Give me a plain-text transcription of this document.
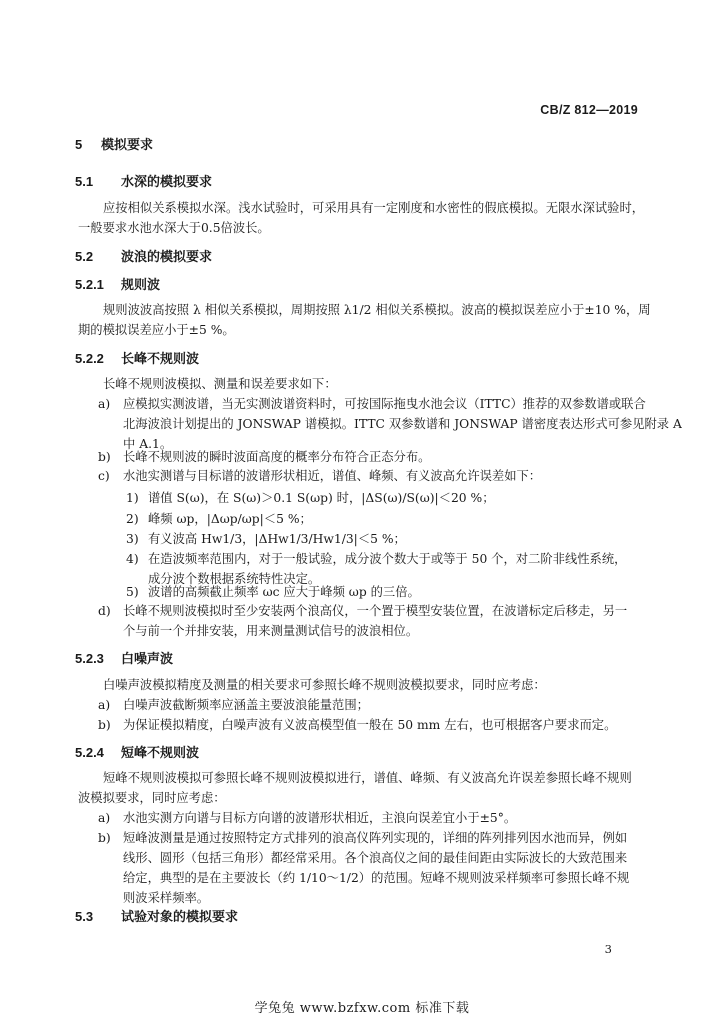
CB/Z 812—2019
5 模拟要求
5.1 水深的模拟要求
应按相似关系模拟水深。浅水试验时，可采用具有一定刚度和水密性的假底模拟。无限水深试验时，
一般要求水池水深大于0.5倍波长。
5.2 波浪的模拟要求
5.2.1 规则波
规则波波高按照 λ 相似关系模拟，周期按照 λ1/2 相似关系模拟。波高的模拟误差应小于±10 %，周
期的模拟误差应小于±5 %。
5.2.2 长峰不规则波
长峰不规则波模拟、测量和误差要求如下：
a) 应模拟实测波谱，当无实测波谱资料时，可按国际拖曳水池会议（ITTC）推荐的双参数谱或联合
北海波浪计划提出的 JONSWAP 谱模拟。ITTC 双参数谱和 JONSWAP 谱密度表达形式可参见附录 A
中 A.1。
b) 长峰不规则波的瞬时波面高度的概率分布符合正态分布。
c) 水池实测谱与目标谱的波谱形状相近，谱值、峰频、有义波高允许误差如下：
1) 谱值 S(ω)，在 S(ω)＞0.1 S(ωp) 时，|ΔS(ω)/S(ω)|＜20 %；
2) 峰频 ωp，|Δωp/ωp|＜5 %；
3) 有义波高 Hw1/3，|ΔHw1/3/Hw1/3|＜5 %；
4) 在造波频率范围内，对于一般试验，成分波个数大于或等于 50 个，对二阶非线性系统，
成分波个数根据系统特性决定。
5) 波谱的高频截止频率 ωc 应大于峰频 ωp 的三倍。
d) 长峰不规则波模拟时至少安装两个浪高仪，一个置于模型安装位置，在波谱标定后移走，另一
个与前一个并排安装，用来测量测试信号的波浪相位。
5.2.3 白噪声波
白噪声波模拟精度及测量的相关要求可参照长峰不规则波模拟要求，同时应考虑：
a) 白噪声波截断频率应涵盖主要波浪能量范围；
b) 为保证模拟精度，白噪声波有义波高模型值一般在 50 mm 左右，也可根据客户要求而定。
5.2.4 短峰不规则波
短峰不规则波模拟可参照长峰不规则波模拟进行，谱值、峰频、有义波高允许误差参照长峰不规则
波模拟要求，同时应考虑：
a) 水池实测方向谱与目标方向谱的波谱形状相近，主浪向误差宜小于±5°。
b) 短峰波测量是通过按照特定方式排列的浪高仪阵列实现的，详细的阵列排列因水池而异，例如
线形、圆形（包括三角形）都经常采用。各个浪高仪之间的最佳间距由实际波长的大致范围来
给定，典型的是在主要波长（约 1/10～1/2）的范围。短峰不规则波采样频率可参照长峰不规
则波采样频率。
5.3 试验对象的模拟要求
3
学兔兔 www.bzfxw.com 标准下载
